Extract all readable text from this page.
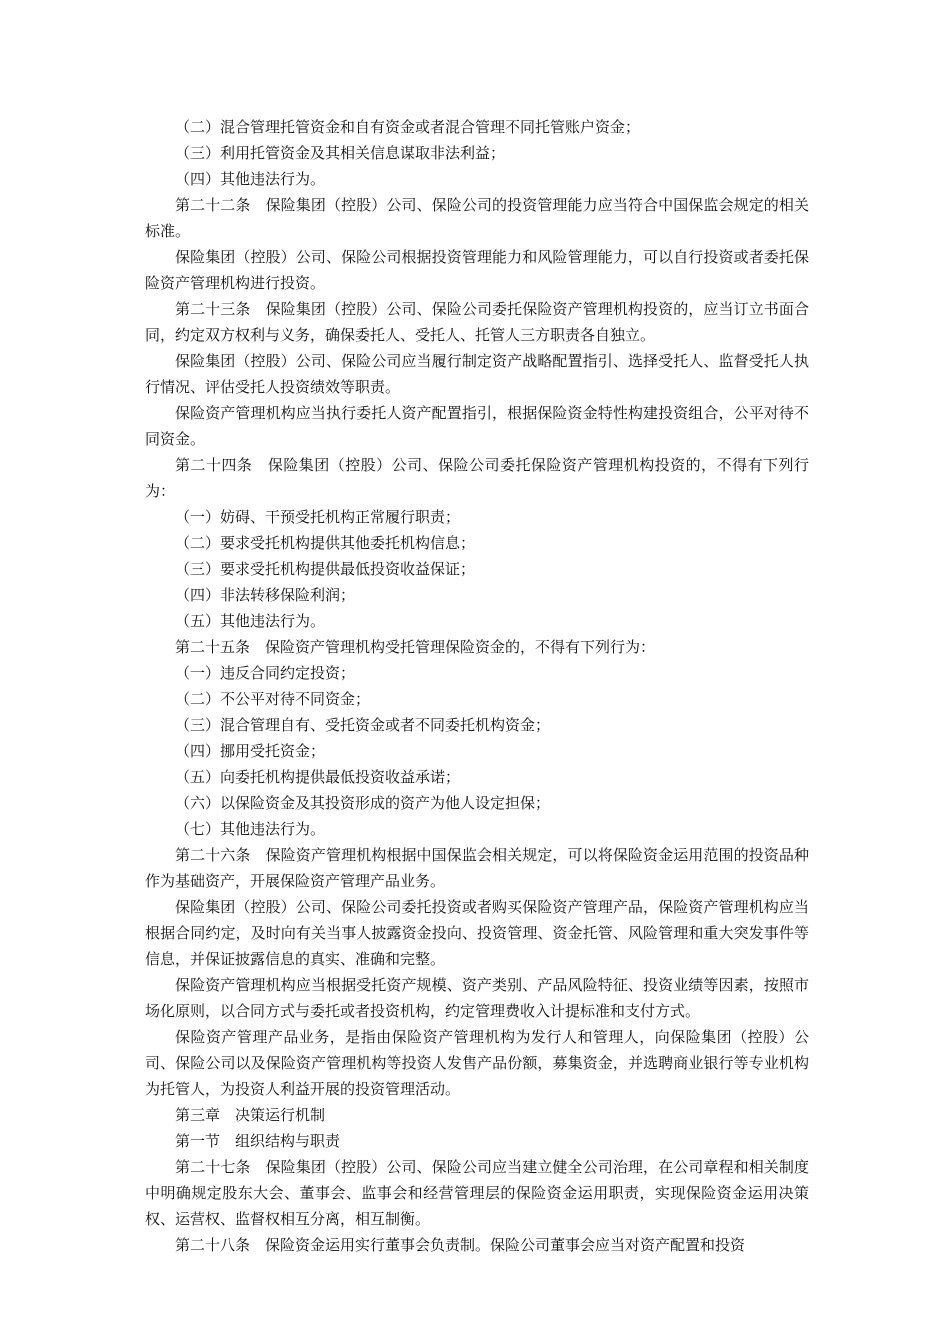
（二）混合管理托管资金和自有资金或者混合管理不同托管账户资金；

（三）利用托管资金及其相关信息谋取非法利益；

（四）其他违法行为。

第二十二条　保险集团（控股）公司、保险公司的投资管理能力应当符合中国保监会规定的相关标准。

保险集团（控股）公司、保险公司根据投资管理能力和风险管理能力，可以自行投资或者委托保险资产管理机构进行投资。

第二十三条　保险集团（控股）公司、保险公司委托保险资产管理机构投资的，应当订立书面合同，约定双方权利与义务，确保委托人、受托人、托管人三方职责各自独立。

保险集团（控股）公司、保险公司应当履行制定资产战略配置指引、选择受托人、监督受托人执行情况、评估受托人投资绩效等职责。

保险资产管理机构应当执行委托人资产配置指引，根据保险资金特性构建投资组合，公平对待不同资金。

第二十四条　保险集团（控股）公司、保险公司委托保险资产管理机构投资的，不得有下列行为：

（一）妨碍、干预受托机构正常履行职责；

（二）要求受托机构提供其他委托机构信息；

（三）要求受托机构提供最低投资收益保证；

（四）非法转移保险利润；

（五）其他违法行为。

第二十五条　保险资产管理机构受托管理保险资金的，不得有下列行为：

（一）违反合同约定投资；

（二）不公平对待不同资金；

（三）混合管理自有、受托资金或者不同委托机构资金；

（四）挪用受托资金；

（五）向委托机构提供最低投资收益承诺；

（六）以保险资金及其投资形成的资产为他人设定担保；

（七）其他违法行为。

第二十六条　保险资产管理机构根据中国保监会相关规定，可以将保险资金运用范围的投资品种作为基础资产，开展保险资产管理产品业务。

保险集团（控股）公司、保险公司委托投资或者购买保险资产管理产品，保险资产管理机构应当根据合同约定，及时向有关当事人披露资金投向、投资管理、资金托管、风险管理和重大突发事件等信息，并保证披露信息的真实、准确和完整。

保险资产管理机构应当根据受托资产规模、资产类别、产品风险特征、投资业绩等因素，按照市场化原则，以合同方式与委托或者投资机构，约定管理费收入计提标准和支付方式。

保险资产管理产品业务，是指由保险资产管理机构为发行人和管理人，向保险集团（控股）公司、保险公司以及保险资产管理机构等投资人发售产品份额，募集资金，并选聘商业银行等专业机构为托管人，为投资人利益开展的投资管理活动。

第三章　决策运行机制

第一节　组织结构与职责

第二十七条　保险集团（控股）公司、保险公司应当建立健全公司治理，在公司章程和相关制度中明确规定股东大会、董事会、监事会和经营管理层的保险资金运用职责，实现保险资金运用决策权、运营权、监督权相互分离，相互制衡。

第二十八条　保险资金运用实行董事会负责制。保险公司董事会应当对资产配置和投资
